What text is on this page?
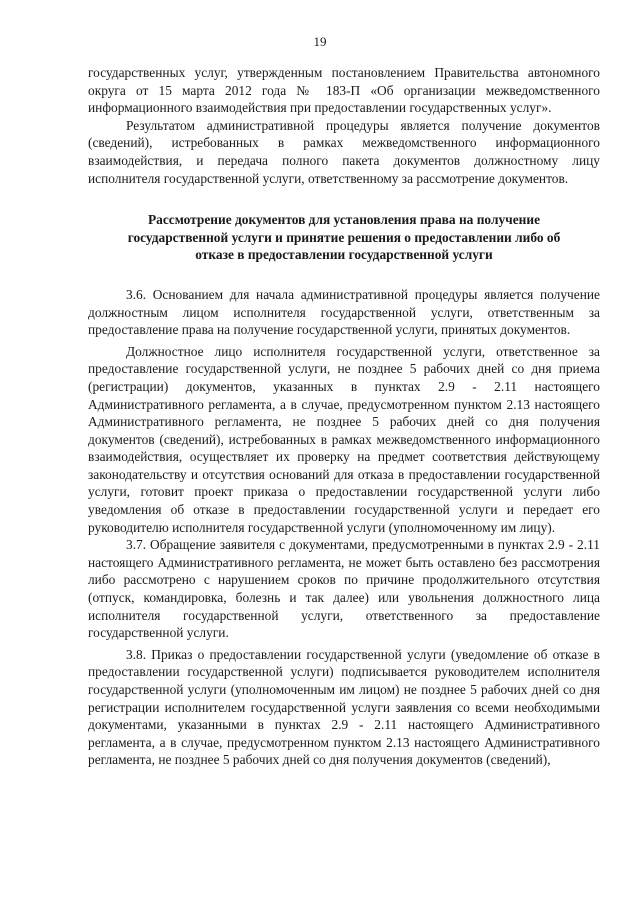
19

государственных услуг, утвержденным постановлением Правительства автономного округа от 15 марта 2012 года № 183-П «Об организации межведомственного информационного взаимодействия при предоставлении государственных услуг».

Результатом административной процедуры является получение документов (сведений), истребованных в рамках межведомственного информационного взаимодействия, и передача полного пакета документов должностному лицу исполнителя государственной услуги, ответственному за рассмотрение документов.

Рассмотрение документов для установления права на получение государственной услуги и принятие решения о предоставлении либо об отказе в предоставлении государственной услуги

3.6. Основанием для начала административной процедуры является получение должностным лицом исполнителя государственной услуги, ответственным за предоставление права на получение государственной услуги, принятых документов.

Должностное лицо исполнителя государственной услуги, ответственное за предоставление государственной услуги, не позднее 5 рабочих дней со дня приема (регистрации) документов, указанных в пунктах 2.9 - 2.11 настоящего Административного регламента, а в случае, предусмотренном пунктом 2.13 настоящего Административного регламента, не позднее 5 рабочих дней со дня получения документов (сведений), истребованных в рамках межведомственного информационного взаимодействия, осуществляет их проверку на предмет соответствия действующему законодательству и отсутствия оснований для отказа в предоставлении государственной услуги, готовит проект приказа о предоставлении государственной услуги либо уведомления об отказе в предоставлении государственной услуги и передает его руководителю исполнителя государственной услуги (уполномоченному им лицу).

3.7. Обращение заявителя с документами, предусмотренными в пунктах 2.9 - 2.11 настоящего Административного регламента, не может быть оставлено без рассмотрения либо рассмотрено с нарушением сроков по причине продолжительного отсутствия (отпуск, командировка, болезнь и так далее) или увольнения должностного лица исполнителя государственной услуги, ответственного за предоставление государственной услуги.

3.8. Приказ о предоставлении государственной услуги (уведомление об отказе в предоставлении государственной услуги) подписывается руководителем исполнителя государственной услуги (уполномоченным им лицом) не позднее 5 рабочих дней со дня регистрации исполнителем государственной услуги заявления со всеми необходимыми документами, указанными в пунктах 2.9 - 2.11 настоящего Административного регламента, а в случае, предусмотренном пунктом 2.13 настоящего Административного регламента, не позднее 5 рабочих дней со дня получения документов (сведений),
